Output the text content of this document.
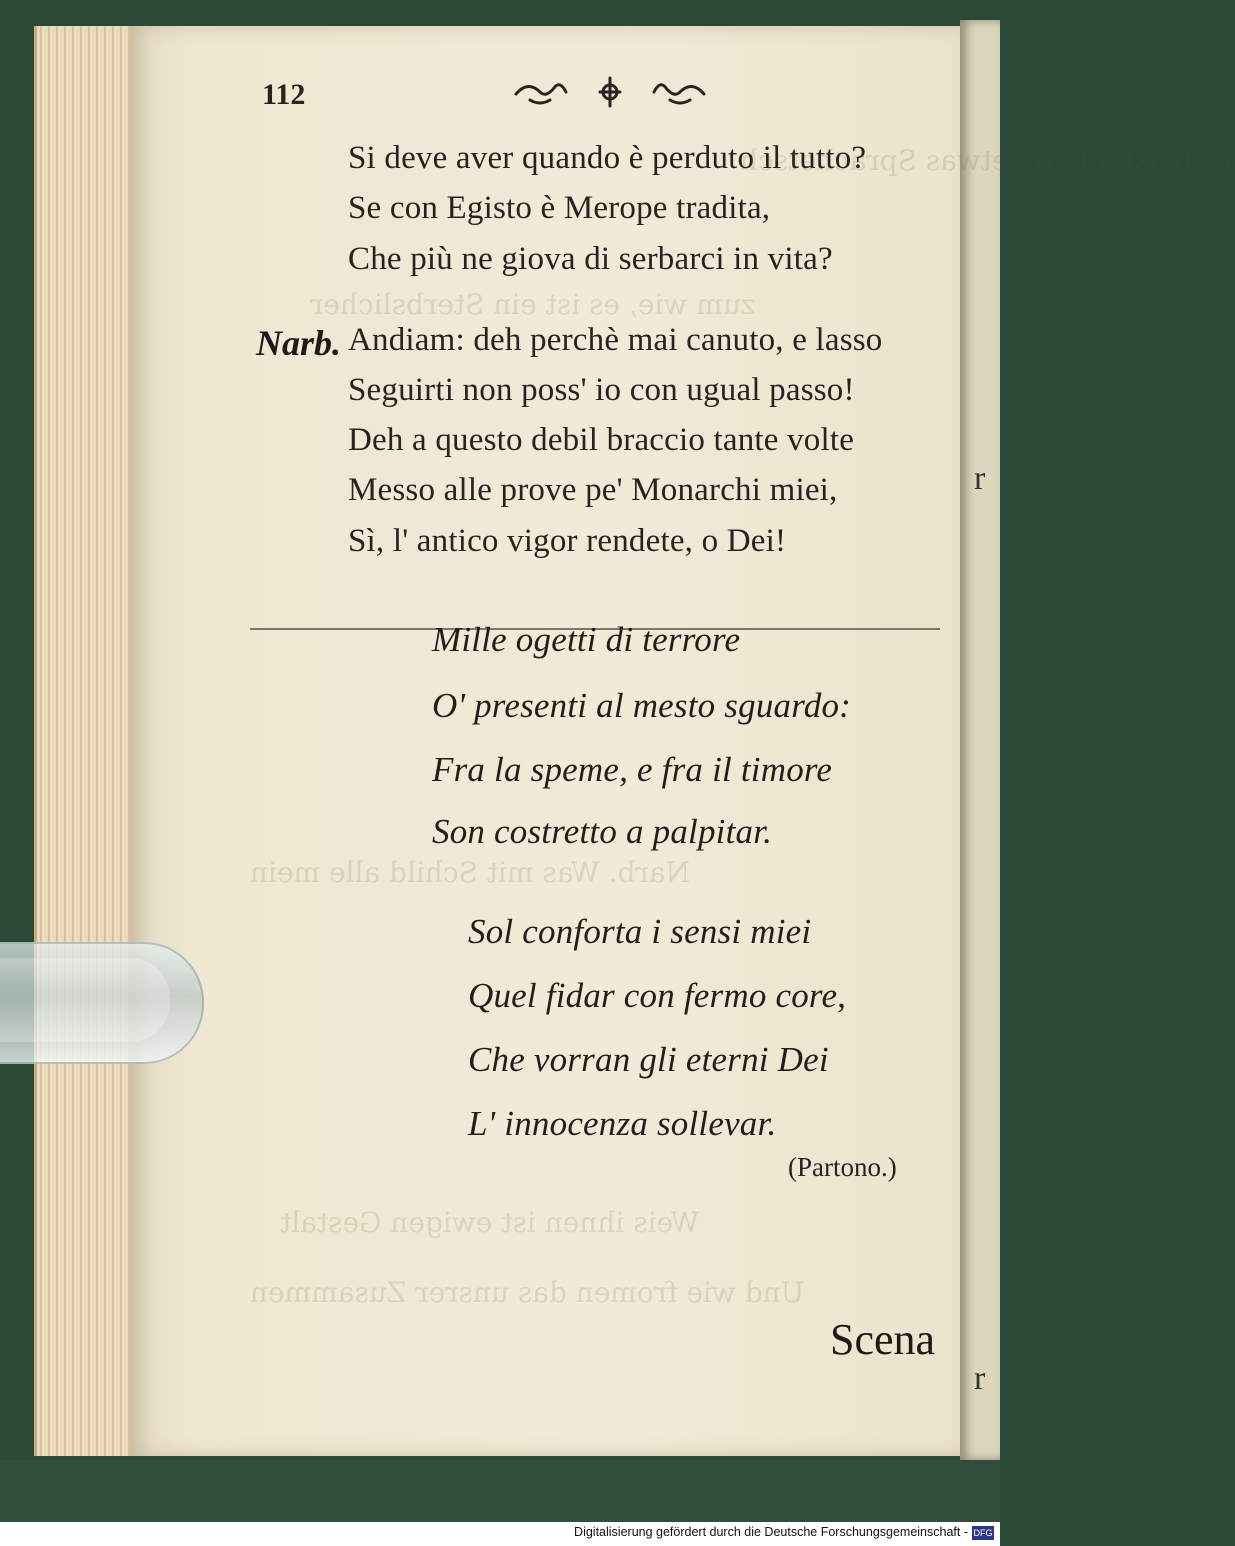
r
r
Unb, ist, et von etwas Sprachetsch
zum wie, es ist ein Sterbslicher
Narb. Was mit Schild alle mein
Weis ihnen ist ewigen Gestalt
Und wie fromen das unsrer Zusammen
112
Si deve aver quando è perduto il tutto?
Se con Egisto è Merope tradita,
Che più ne giova di serbarci in vita?
Narb. Andiam: deh perchè mai canuto, e lasso
Seguirti non poss' io con ugual passo!
Deh a questo debil braccio tante volte
Messo alle prove pe' Monarchi miei,
Sì, l' antico vigor rendete, o Dei!
Mille ogetti di terrore
O' presenti al mesto sguardo:
Fra la speme, e fra il timore
Son costretto a palpitar.
Sol conforta i sensi miei
Quel fidar con fermo core,
Che vorran gli eterni Dei
L' innocenza sollevar.
(Partono.)
Scena
Digitalisierung gefördert durch die Deutsche Forschungsgemeinschaft - DFG
